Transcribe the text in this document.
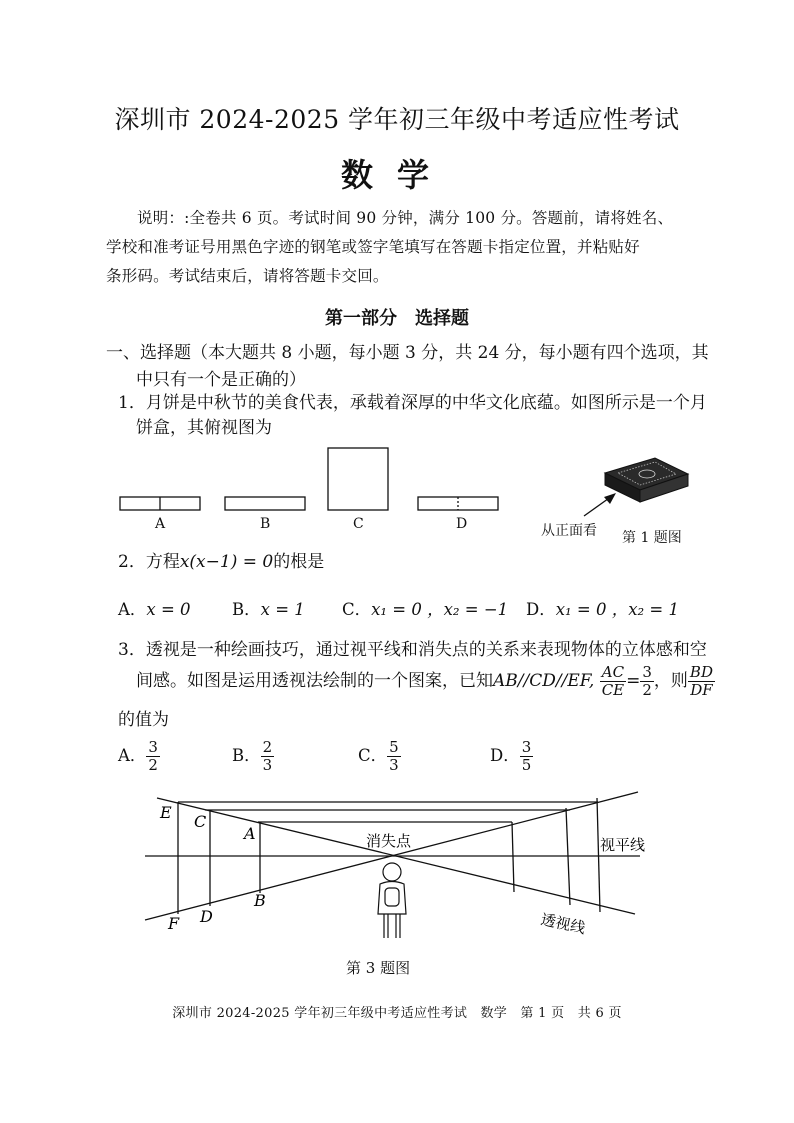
深圳市 2024-2025 学年初三年级中考适应性考试
数学
说明：:全卷共 6 页。考试时间 90 分钟，满分 100 分。答题前，请将姓名、
学校和准考证号用黑色字迹的钢笔或签字笔填写在答题卡指定位置，并粘贴好
条形码。考试结束后，请将答题卡交回。
第一部分　选择题
一、选择题（本大题共 8 小题，每小题 3 分，共 24 分，每小题有四个选项，其
中只有一个是正确的）
1．月饼是中秋节的美食代表，承载着深厚的中华文化底蕴。如图所示是一个月
饼盒，其俯视图为
A	B	C	D	从正面看 第 1 题图
2．方程x(x−1) = 0的根是
A．x = 0	B．x = 1 C．x₁ = 0 ，x₂ = −1 D．x₁ = 0 ，x₂ = 1
3．透视是一种绘画技巧，通过视平线和消失点的关系来表现物体的立体感和空
间感。如图是运用透视法绘制的一个图案，已知AB//CD//EF, $\frac{AC}{CE} = \frac{3}{2}$ ，则 $\frac{BD}{DF}$
的值为
A． $\frac{3}{2}$	B． $\frac{2}{3}$	C． $\frac{5}{3}$	D． $\frac{3}{5}$
E C
A
B
D
F
消失点	视平线
透视线
第 3 题图
深圳市 2024-2025 学年初三年级中考适应性考试　数学　第 1 页　共 6 页
